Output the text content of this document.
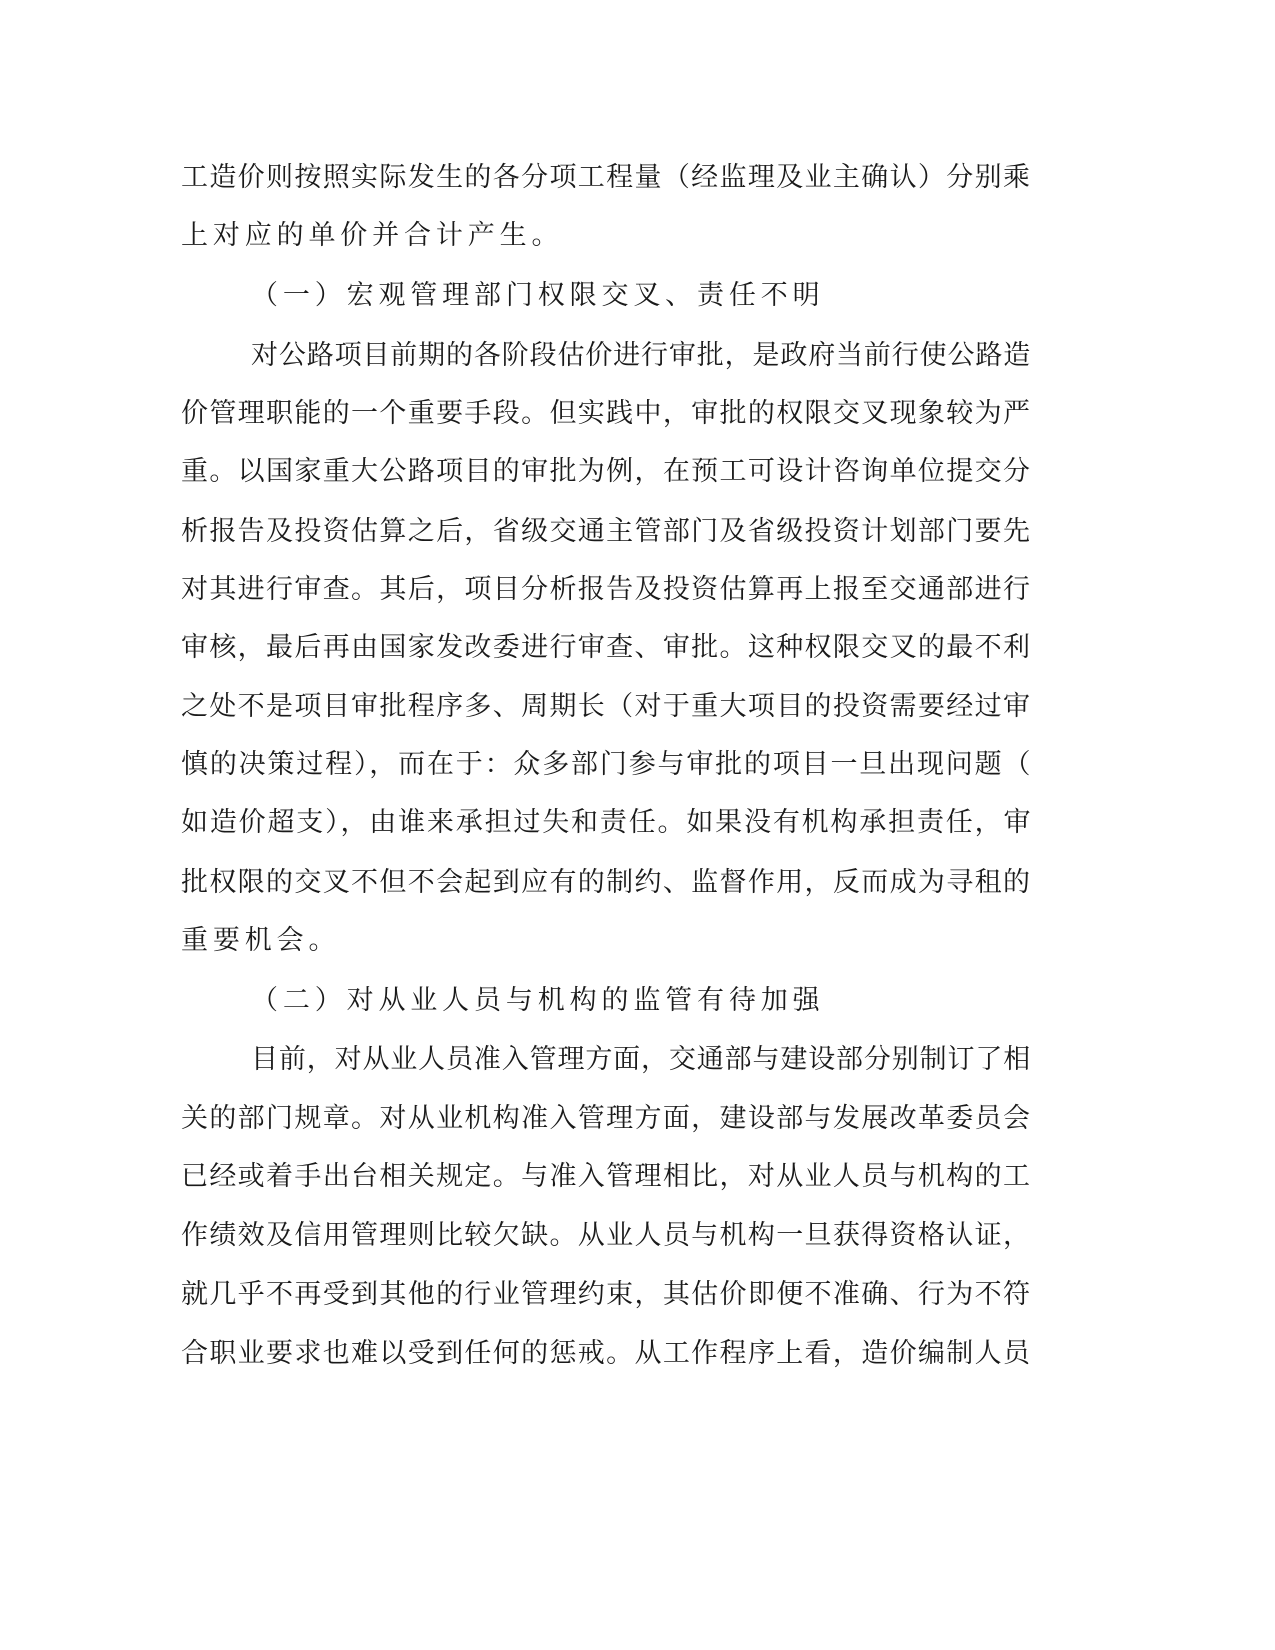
工造价则按照实际发生的各分项工程量（经监理及业主确认）分别乘
上对应的单价并合计产生。
（一）宏观管理部门权限交叉、责任不明
对公路项目前期的各阶段估价进行审批，是政府当前行使公路造
价管理职能的一个重要手段。但实践中，审批的权限交叉现象较为严
重。以国家重大公路项目的审批为例，在预工可设计咨询单位提交分
析报告及投资估算之后，省级交通主管部门及省级投资计划部门要先
对其进行审查。其后，项目分析报告及投资估算再上报至交通部进行
审核，最后再由国家发改委进行审查、审批。这种权限交叉的最不利
之处不是项目审批程序多、周期长（对于重大项目的投资需要经过审
慎的决策过程），而在于：众多部门参与审批的项目一旦出现问题（
如造价超支），由谁来承担过失和责任。如果没有机构承担责任，审
批权限的交叉不但不会起到应有的制约、监督作用，反而成为寻租的
重要机会。
（二）对从业人员与机构的监管有待加强
目前，对从业人员准入管理方面，交通部与建设部分别制订了相
关的部门规章。对从业机构准入管理方面，建设部与发展改革委员会
已经或着手出台相关规定。与准入管理相比，对从业人员与机构的工
作绩效及信用管理则比较欠缺。从业人员与机构一旦获得资格认证，
就几乎不再受到其他的行业管理约束，其估价即便不准确、行为不符
合职业要求也难以受到任何的惩戒。从工作程序上看，造价编制人员
